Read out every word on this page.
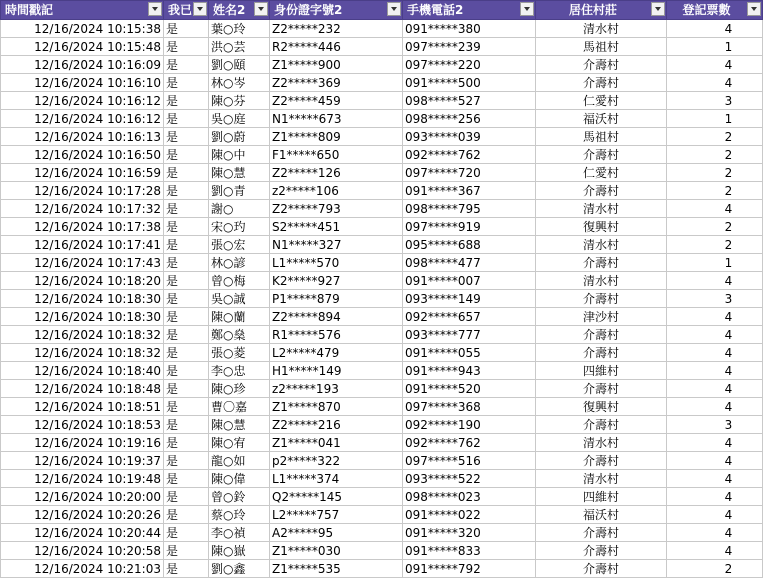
時間戳記	我已	姓名2	身份證字號2	手機電話2	居住村莊	登記票數

12/16/2024 10:15:38	是	葉○玲	Z2*****232	091*****380	清水村	4
12/16/2024 10:15:48	是	洪○芸	R2*****446	097*****239	馬祖村	1
12/16/2024 10:16:09	是	劉○頤	Z1*****900	097*****220	介壽村	4
12/16/2024 10:16:10	是	林○岑	Z2*****369	091*****500	介壽村	4
12/16/2024 10:16:12	是	陳○芬	Z2*****459	098*****527	仁愛村	3
12/16/2024 10:16:12	是	吳○庭	N1*****673	098*****256	福沃村	1
12/16/2024 10:16:13	是	劉○蔚	Z1*****809	093*****039	馬祖村	2
12/16/2024 10:16:50	是	陳○中	F1*****650	092*****762	介壽村	2
12/16/2024 10:16:59	是	陳○慧	Z2*****126	097*****720	仁愛村	2
12/16/2024 10:17:28	是	劉○青	z2*****106	091*****367	介壽村	2
12/16/2024 10:17:32	是	謝○	Z2*****793	098*****795	清水村	4
12/16/2024 10:17:38	是	宋○玓	S2*****451	097*****919	復興村	2
12/16/2024 10:17:41	是	張○宏	N1*****327	095*****688	清水村	2
12/16/2024 10:17:43	是	林○諺	L1*****570	098*****477	介壽村	1
12/16/2024 10:18:20	是	曾○梅	K2*****927	091*****007	清水村	4
12/16/2024 10:18:30	是	吳○誠	P1*****879	093*****149	介壽村	3
12/16/2024 10:18:30	是	陳○蘭	Z2*****894	092*****657	津沙村	4
12/16/2024 10:18:32	是	鄭○燊	R1*****576	093*****777	介壽村	4
12/16/2024 10:18:32	是	張○菱	L2*****479	091*****055	介壽村	4
12/16/2024 10:18:40	是	李○忠	H1*****149	091*****943	四維村	4
12/16/2024 10:18:48	是	陳○珍	z2*****193	091*****520	介壽村	4
12/16/2024 10:18:51	是	曹〇嘉	Z1*****870	097*****368	復興村	4
12/16/2024 10:18:53	是	陳○慧	Z2*****216	092*****190	介壽村	3
12/16/2024 10:19:16	是	陳○宥	Z1*****041	092*****762	清水村	4
12/16/2024 10:19:37	是	龍○如	p2*****322	097*****516	介壽村	4
12/16/2024 10:19:48	是	陳○偉	L1*****374	093*****522	清水村	4
12/16/2024 10:20:00	是	曾○鈴	Q2*****145	098*****023	四維村	4
12/16/2024 10:20:26	是	蔡○玲	L2*****757	091*****022	福沃村	4
12/16/2024 10:20:44	是	李○禎	A2*****95	091*****320	介壽村	4
12/16/2024 10:20:58	是	陳○嶽	Z1*****030	091*****833	介壽村	4
12/16/2024 10:21:03	是	劉○鑫	Z1*****535	091*****792	介壽村	2
